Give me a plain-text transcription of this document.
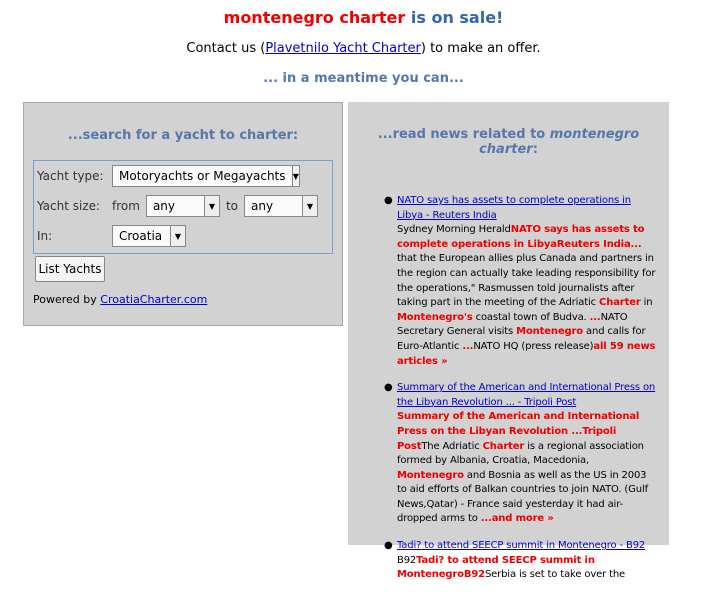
montenegro charter is on sale!
Contact us (Plavetnilo Yacht Charter) to make an offer.
... in a meantime you can...
...search for a yacht to charter:
Yacht type:	Motoryachts or Megayachts ▼
Yacht size: from	any	▼ to	any	▼
In:	Croatia	▼
List Yachts
Powered by CroatiaCharter.com
...read news related to montenegro charter:
● NATO says has assets to complete operations in Libya - Reuters India
Sydney Morning HeraldNATO says has assets to complete operations in LibyaReuters India... that the European allies plus Canada and partners in the region can actually take leading responsibility for the operations," Rasmussen told journalists after taking part in the meeting of the Adriatic Charter in Montenegro's coastal town of Budva. ...NATO Secretary General visits Montenegro and calls for Euro-Atlantic ...NATO HQ (press release)all 59 news articles »
● Summary of the American and International Press on the Libyan Revolution ... - Tripoli Post
Summary of the American and International Press on the Libyan Revolution ...Tripoli PostThe Adriatic Charter is a regional association formed by Albania, Croatia, Macedonia, Montenegro and Bosnia as well as the US in 2003 to aid efforts of Balkan countries to join NATO. (Gulf News,Qatar) - France said yesterday it had air-dropped arms to ...and more »
● Tadi? to attend SEECP summit in Montenegro - B92
B92Tadi? to attend SEECP summit in MontenegroB92Serbia is set to take over the
